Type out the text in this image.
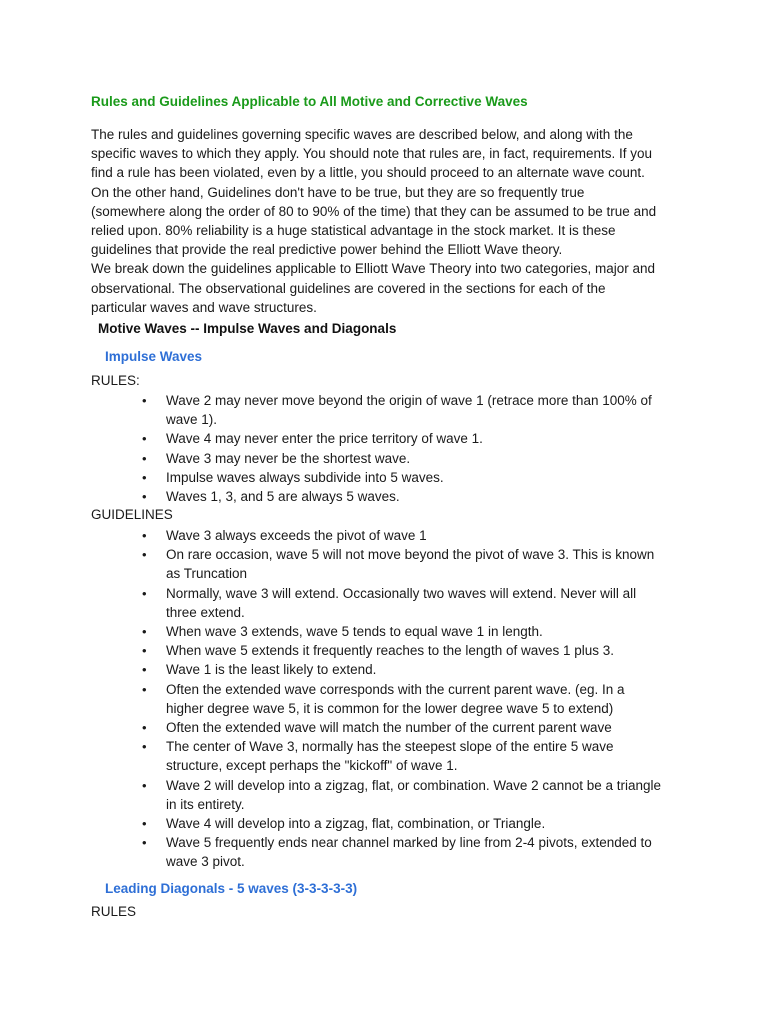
Rules and Guidelines Applicable to All Motive and Corrective Waves
The rules and guidelines governing specific waves are described below, and along with the
specific waves to which they apply. You should note that rules are, in fact, requirements. If you
find a rule has been violated, even by a little, you should proceed to an alternate wave count.
On the other hand, Guidelines don't have to be true, but they are so frequently true
(somewhere along the order of 80 to 90% of the time) that they can be assumed to be true and
relied upon. 80% reliability is a huge statistical advantage in the stock market. It is these
guidelines that provide the real predictive power behind the Elliott Wave theory.
We break down the guidelines applicable to Elliott Wave Theory into two categories, major and
observational. The observational guidelines are covered in the sections for each of the
particular waves and wave structures.
Motive Waves -- Impulse Waves and Diagonals
Impulse Waves
RULES:
• Wave 2 may never move beyond the origin of wave 1 (retrace more than 100% of
wave 1).
• Wave 4 may never enter the price territory of wave 1.
• Wave 3 may never be the shortest wave.
• Impulse waves always subdivide into 5 waves.
• Waves 1, 3, and 5 are always 5 waves.
GUIDELINES
• Wave 3 always exceeds the pivot of wave 1
• On rare occasion, wave 5 will not move beyond the pivot of wave 3. This is known
as Truncation
• Normally, wave 3 will extend. Occasionally two waves will extend. Never will all
three extend.
• When wave 3 extends, wave 5 tends to equal wave 1 in length.
• When wave 5 extends it frequently reaches to the length of waves 1 plus 3.
• Wave 1 is the least likely to extend.
• Often the extended wave corresponds with the current parent wave. (eg. In a
higher degree wave 5, it is common for the lower degree wave 5 to extend)
• Often the extended wave will match the number of the current parent wave
• The center of Wave 3, normally has the steepest slope of the entire 5 wave
structure, except perhaps the "kickoff" of wave 1.
• Wave 2 will develop into a zigzag, flat, or combination. Wave 2 cannot be a triangle
in its entirety.
• Wave 4 will develop into a zigzag, flat, combination, or Triangle.
• Wave 5 frequently ends near channel marked by line from 2-4 pivots, extended to
wave 3 pivot.
Leading Diagonals - 5 waves (3-3-3-3-3)
RULES
